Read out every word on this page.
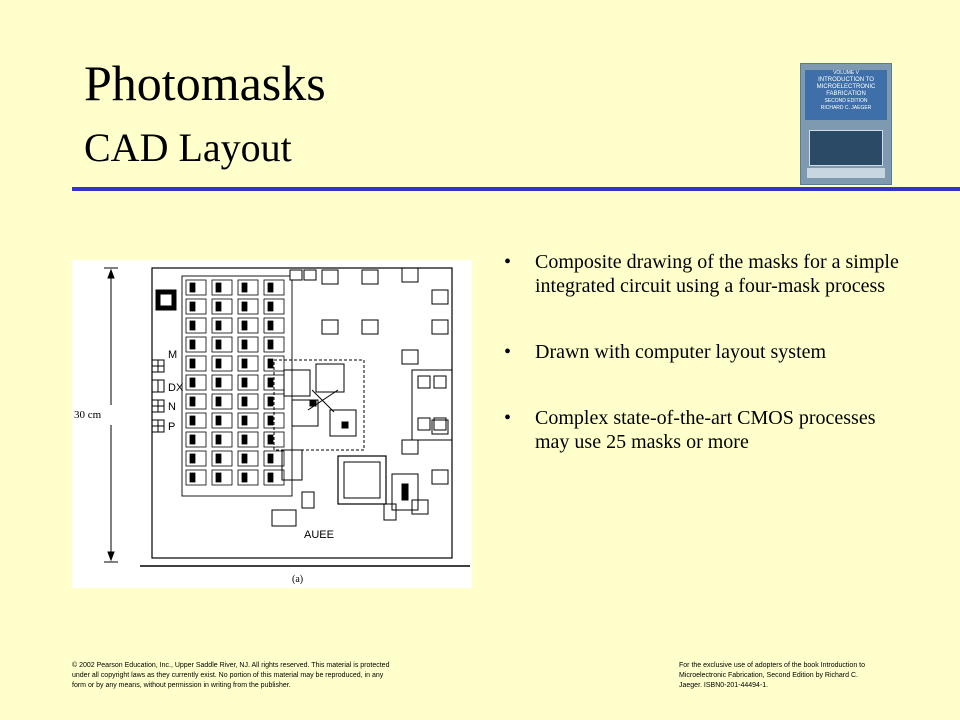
Photomasks
CAD Layout
VOLUME V
INTRODUCTION TO
MICROELECTRONIC
FABRICATION
SECOND EDITION
RICHARD C. JAEGER
30 cm
M
DX
N
P
AUEE
(a)
• Composite drawing of the masks for a simple integrated circuit using a four-mask process
• Drawn with computer layout system
• Complex state-of-the-art CMOS processes may use 25 masks or more
© 2002 Pearson Education, Inc., Upper Saddle River, NJ. All rights reserved. This material is protected under all copyright laws as they currently exist. No portion of this material may be reproduced, in any form or by any means, without permission in writing from the publisher.
For the exclusive use of adopters of the book Introduction to Microelectronic Fabrication, Second Edition by Richard C. Jaeger. ISBN0-201-44494-1.
